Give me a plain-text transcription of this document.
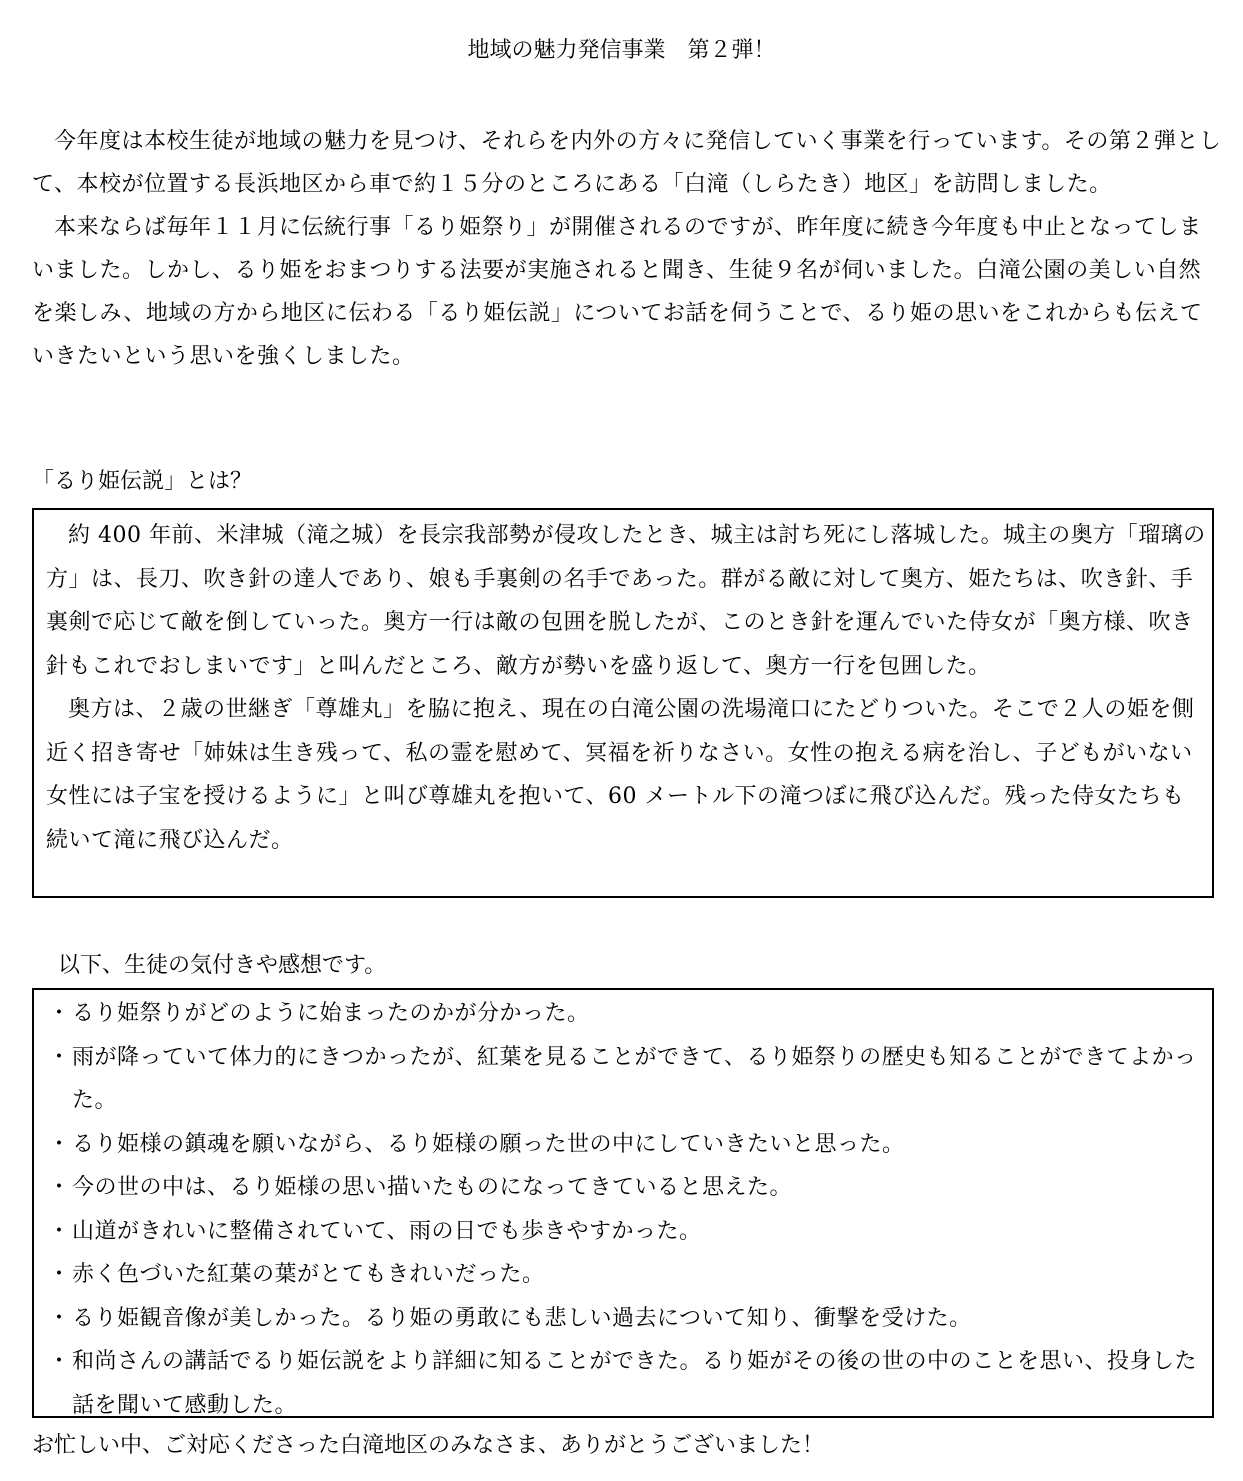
地域の魅力発信事業　第２弾！

今年度は本校生徒が地域の魅力を見つけ、それらを内外の方々に発信していく事業を行っています。その第２弾として、本校が位置する長浜地区から車で約１５分のところにある「白滝（しらたき）地区」を訪問しました。

本来ならば毎年１１月に伝統行事「るり姫祭り」が開催されるのですが、昨年度に続き今年度も中止となってしまいました。しかし、るり姫をおまつりする法要が実施されると聞き、生徒９名が伺いました。白滝公園の美しい自然を楽しみ、地域の方から地区に伝わる「るり姫伝説」についてお話を伺うことで、るり姫の思いをこれからも伝えていきたいという思いを強くしました。

「るり姫伝説」とは？

約 400 年前、米津城（滝之城）を長宗我部勢が侵攻したとき、城主は討ち死にし落城した。城主の奥方「瑠璃の方」は、長刀、吹き針の達人であり、娘も手裏剣の名手であった。群がる敵に対して奥方、姫たちは、吹き針、手裏剣で応じて敵を倒していった。奥方一行は敵の包囲を脱したが、このとき針を運んでいた侍女が「奥方様、吹き針もこれでおしまいです」と叫んだところ、敵方が勢いを盛り返して、奥方一行を包囲した。

奥方は、２歳の世継ぎ「尊雄丸」を脇に抱え、現在の白滝公園の洗場滝口にたどりついた。そこで２人の姫を側近く招き寄せ「姉妹は生き残って、私の霊を慰めて、冥福を祈りなさい。女性の抱える病を治し、子どもがいない女性には子宝を授けるように」と叫び尊雄丸を抱いて、60 メートル下の滝つぼに飛び込んだ。残った侍女たちも続いて滝に飛び込んだ。

以下、生徒の気付きや感想です。
・ るり姫祭りがどのように始まったのかが分かった。
・ 雨が降っていて体力的にきつかったが、紅葉を見ることができて、るり姫祭りの歴史も知ることができてよかった。
・ るり姫様の鎮魂を願いながら、るり姫様の願った世の中にしていきたいと思った。
・ 今の世の中は、るり姫様の思い描いたものになってきていると思えた。
・ 山道がきれいに整備されていて、雨の日でも歩きやすかった。
・ 赤く色づいた紅葉の葉がとてもきれいだった。
・ るり姫観音像が美しかった。るり姫の勇敢にも悲しい過去について知り、衝撃を受けた。
・ 和尚さんの講話でるり姫伝説をより詳細に知ることができた。るり姫がその後の世の中のことを思い、投身した話を聞いて感動した。
お忙しい中、ご対応くださった白滝地区のみなさま、ありがとうございました！
